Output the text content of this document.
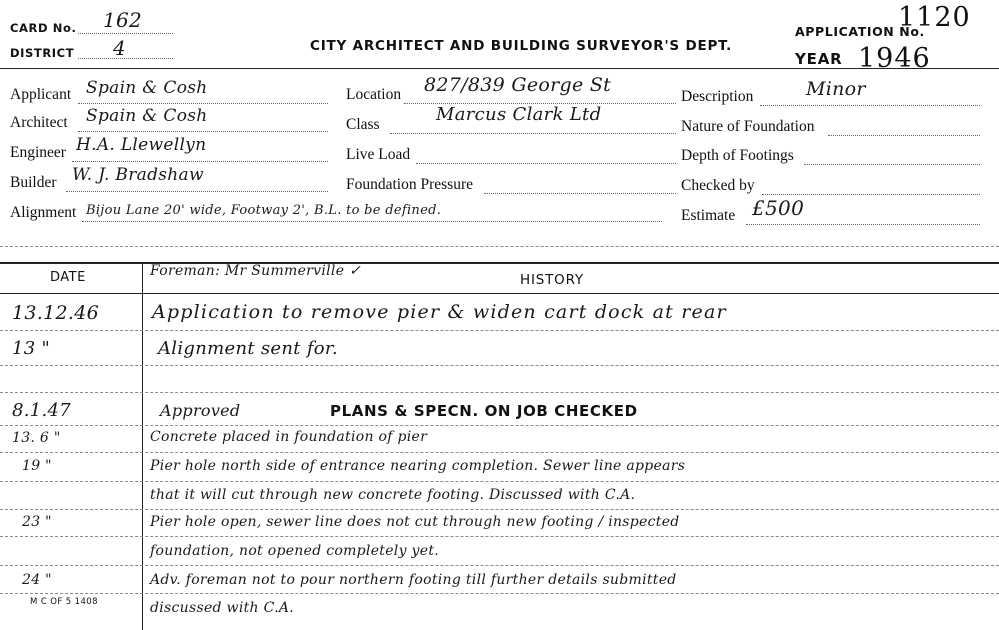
CARD No. 162
DISTRICT 4	CITY ARCHITECT AND BUILDING SURVEYOR'S DEPT.
APPLICATION No.
1120
YEAR 1946
Applicant Spain & Cosh
Architect Spain & Cosh
Engineer H.A. Llewellyn
Builder W. J. Bradshaw
Alignment Bijou Lane 20' wide, Footway 2', B.L. to be defined.
Location 827/839 George St
Class	Marcus Clark Ltd
Live Load
Foundation Pressure
Description	Minor
Nature of Foundation
Depth of Footings
Checked by
Estimate £500
DATE	HISTORY
Foreman: Mr Summerville ✓
13.12.46	Application to remove pier & widen cart dock at rear
13 "	Alignment sent for.
8.1.47	Approved	PLANS & SPECN. ON JOB CHECKED
13. 6 "	Concrete placed in foundation of pier
19 "	Pier hole north side of entrance nearing completion. Sewer line appears
that it will cut through new concrete footing. Discussed with C.A.
23 "	Pier hole open, sewer line does not cut through new footing / inspected
foundation, not opened completely yet.
24 "	Adv. foreman not to pour northern footing till further details submitted
discussed with C.A.
M C OF 5 1408
